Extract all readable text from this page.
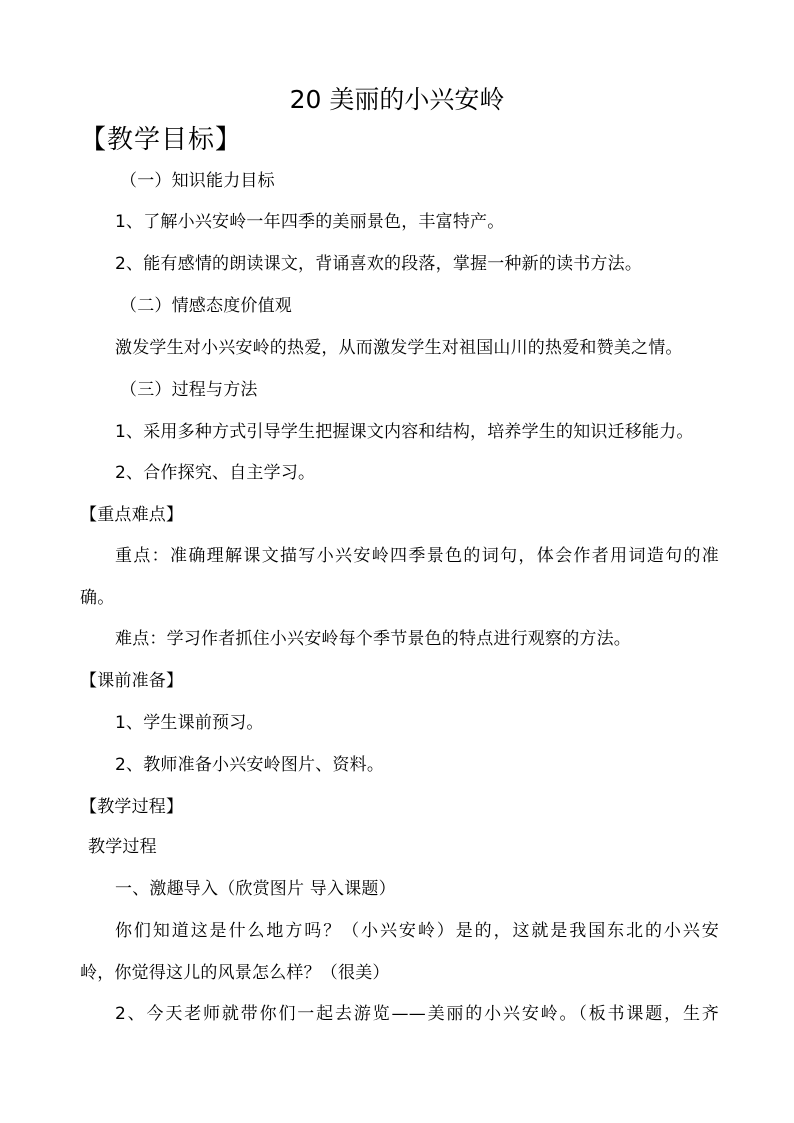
20 美丽的小兴安岭
【教学目标】
（一）知识能力目标
1、了解小兴安岭一年四季的美丽景色，丰富特产。
2、能有感情的朗读课文，背诵喜欢的段落，掌握一种新的读书方法。
（二）情感态度价值观
激发学生对小兴安岭的热爱，从而激发学生对祖国山川的热爱和赞美之情。
（三）过程与方法
1、采用多种方式引导学生把握课文内容和结构，培养学生的知识迁移能力。
2、合作探究、自主学习。
【重点难点】
重点：准确理解课文描写小兴安岭四季景色的词句，体会作者用词造句的准
确。
难点：学习作者抓住小兴安岭每个季节景色的特点进行观察的方法。
【课前准备】
1、学生课前预习。
2、教师准备小兴安岭图片、资料。
【教学过程】
教学过程
一、激趣导入（欣赏图片 导入课题）
你们知道这是什么地方吗？（小兴安岭）是的，这就是我国东北的小兴安
岭，你觉得这儿的风景怎么样？（很美）
2、今天老师就带你们一起去游览——美丽的小兴安岭。（板书课题，生齐
